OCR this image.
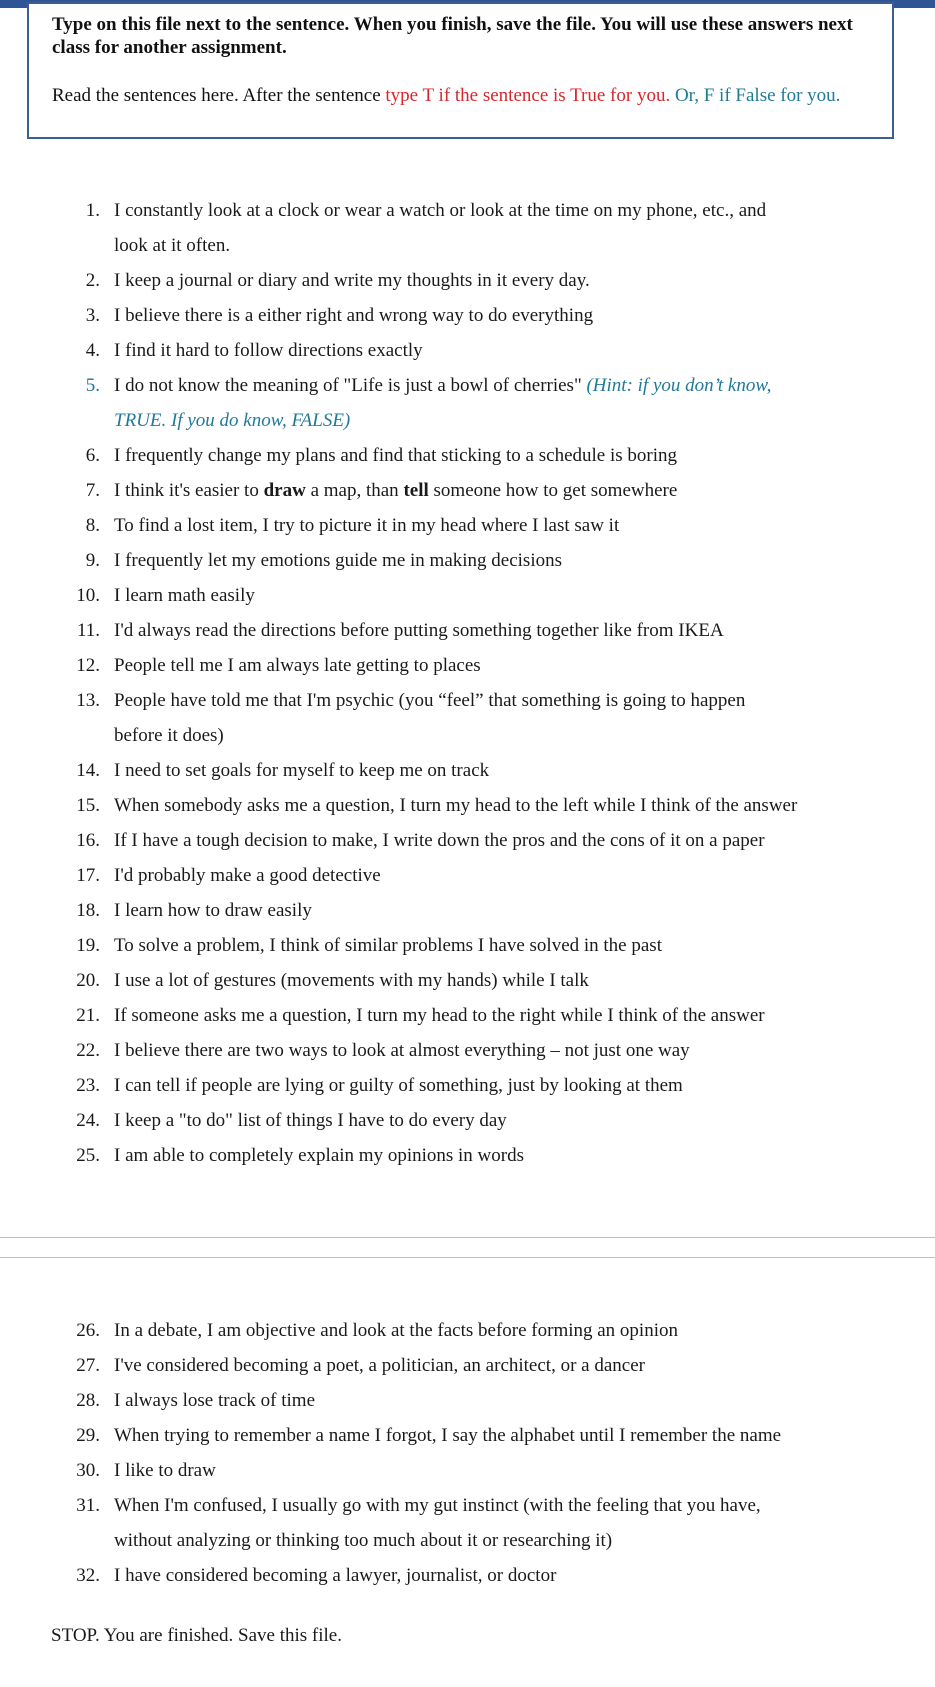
Type on this file next to the sentence. When you finish, save the file. You will use these answers next class for another assignment.
Read the sentences here. After the sentence type T if the sentence is True for you. Or, F if False for you.
1. I constantly look at a clock or wear a watch or look at the time on my phone, etc., and
look at it often.
2. I keep a journal or diary and write my thoughts in it every day.
3. I believe there is a either right and wrong way to do everything
4. I find it hard to follow directions exactly
5. I do not know the meaning of "Life is just a bowl of cherries" (Hint: if you don’t know,
TRUE. If you do know, FALSE)
6. I frequently change my plans and find that sticking to a schedule is boring
7. I think it's easier to draw a map, than tell someone how to get somewhere
8. To find a lost item, I try to picture it in my head where I last saw it
9. I frequently let my emotions guide me in making decisions
10. I learn math easily
11. I'd always read the directions before putting something together like from IKEA
12. People tell me I am always late getting to places
13. People have told me that I'm psychic (you “feel” that something is going to happen
before it does)
14. I need to set goals for myself to keep me on track
15. When somebody asks me a question, I turn my head to the left while I think of the answer
16. If I have a tough decision to make, I write down the pros and the cons of it on a paper
17. I'd probably make a good detective
18. I learn how to draw easily
19. To solve a problem, I think of similar problems I have solved in the past
20. I use a lot of gestures (movements with my hands) while I talk
21. If someone asks me a question, I turn my head to the right while I think of the answer
22. I believe there are two ways to look at almost everything – not just one way
23. I can tell if people are lying or guilty of something, just by looking at them
24. I keep a "to do" list of things I have to do every day
25. I am able to completely explain my opinions in words
26. In a debate, I am objective and look at the facts before forming an opinion
27. I've considered becoming a poet, a politician, an architect, or a dancer
28. I always lose track of time
29. When trying to remember a name I forgot, I say the alphabet until I remember the name
30. I like to draw
31. When I'm confused, I usually go with my gut instinct (with the feeling that you have,
without analyzing or thinking too much about it or researching it)
32. I have considered becoming a lawyer, journalist, or doctor
STOP. You are finished. Save this file.
